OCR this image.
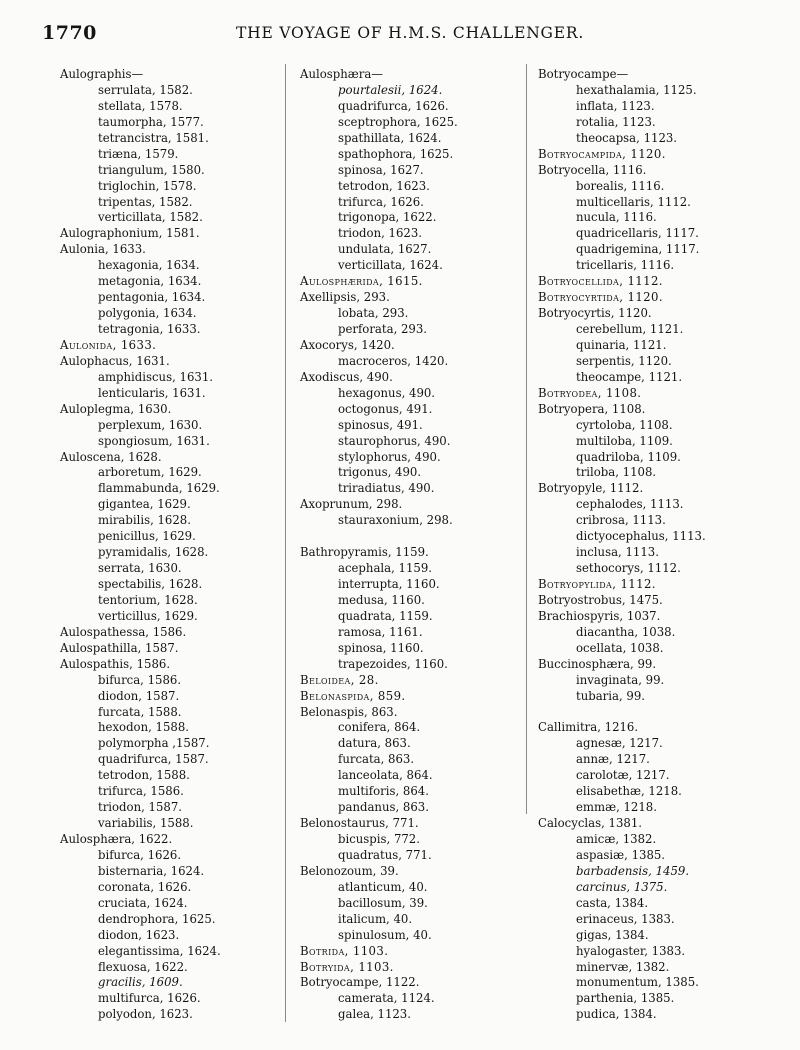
1770	THE VOYAGE OF H.M.S. CHALLENGER.
Aulographis—
serrulata, 1582.
stellata, 1578.
taumorpha, 1577.
tetrancistra, 1581.
triæna, 1579.
triangulum, 1580.
triglochin, 1578.
tripentas, 1582.
verticillata, 1582.
Aulographonium, 1581.
Aulonia, 1633.
hexagonia, 1634.
metagonia, 1634.
pentagonia, 1634.
polygonia, 1634.
tetragonia, 1633.
Aulonida, 1633.
Aulophacus, 1631.
amphidiscus, 1631.
lenticularis, 1631.
Auloplegma, 1630.
perplexum, 1630.
spongiosum, 1631.
Auloscena, 1628.
arboretum, 1629.
flammabunda, 1629.
gigantea, 1629.
mirabilis, 1628.
penicillus, 1629.
pyramidalis, 1628.
serrata, 1630.
spectabilis, 1628.
tentorium, 1628.
verticillus, 1629.
Aulospathessa, 1586.
Aulospathilla, 1587.
Aulospathis, 1586.
bifurca, 1586.
diodon, 1587.
furcata, 1588.
hexodon, 1588.
polymorpha ,1587.
quadrifurca, 1587.
tetrodon, 1588.
trifurca, 1586.
triodon, 1587.
variabilis, 1588.
Aulosphæra, 1622.
bifurca, 1626.
bisternaria, 1624.
coronata, 1626.
cruciata, 1624.
dendrophora, 1625.
diodon, 1623.
elegantissima, 1624.
flexuosa, 1622.
gracilis, 1609.
multifurca, 1626.
polyodon, 1623.
Aulosphæra—
pourtalesii, 1624.
quadrifurca, 1626.
sceptrophora, 1625.
spathillata, 1624.
spathophora, 1625.
spinosa, 1627.
tetrodon, 1623.
trifurca, 1626.
trigonopa, 1622.
triodon, 1623.
undulata, 1627.
verticillata, 1624.
Aulosphærida, 1615.
Axellipsis, 293.
lobata, 293.
perforata, 293.
Axocorys, 1420.
macroceros, 1420.
Axodiscus, 490.
hexagonus, 490.
octogonus, 491.
spinosus, 491.
staurophorus, 490.
stylophorus, 490.
trigonus, 490.
triradiatus, 490.
Axoprunum, 298.
stauraxonium, 298.
Bathropyramis, 1159.
acephala, 1159.
interrupta, 1160.
medusa, 1160.
quadrata, 1159.
ramosa, 1161.
spinosa, 1160.
trapezoides, 1160.
Beloidea, 28.
Belonaspida, 859.
Belonaspis, 863.
conifera, 864.
datura, 863.
furcata, 863.
lanceolata, 864.
multiforis, 864.
pandanus, 863.
Belonostaurus, 771.
bicuspis, 772.
quadratus, 771.
Belonozoum, 39.
atlanticum, 40.
bacillosum, 39.
italicum, 40.
spinulosum, 40.
Botrida, 1103.
Botryida, 1103.
Botryocampe, 1122.
camerata, 1124.
galea, 1123.
Botryocampe—
hexathalamia, 1125.
inflata, 1123.
rotalia, 1123.
theocapsa, 1123.
Botryocampida, 1120.
Botryocella, 1116.
borealis, 1116.
multicellaris, 1112.
nucula, 1116.
quadricellaris, 1117.
quadrigemina, 1117.
tricellaris, 1116.
Botryocellida, 1112.
Botryocyrtida, 1120.
Botryocyrtis, 1120.
cerebellum, 1121.
quinaria, 1121.
serpentis, 1120.
theocampe, 1121.
Botryodea, 1108.
Botryopera, 1108.
cyrtoloba, 1108.
multiloba, 1109.
quadriloba, 1109.
triloba, 1108.
Botryopyle, 1112.
cephalodes, 1113.
cribrosa, 1113.
dictyocephalus, 1113.
inclusa, 1113.
sethocorys, 1112.
Botryopylida, 1112.
Botryostrobus, 1475.
Brachiospyris, 1037.
diacantha, 1038.
ocellata, 1038.
Buccinosphæra, 99.
invaginata, 99.
tubaria, 99.
Callimitra, 1216.
agnesæ, 1217.
annæ, 1217.
carolotæ, 1217.
elisabethæ, 1218.
emmæ, 1218.
Calocyclas, 1381.
amicæ, 1382.
aspasiæ, 1385.
barbadensis, 1459.
carcinus, 1375.
casta, 1384.
erinaceus, 1383.
gigas, 1384.
hyalogaster, 1383.
minervæ, 1382.
monumentum, 1385.
parthenia, 1385.
pudica, 1384.
